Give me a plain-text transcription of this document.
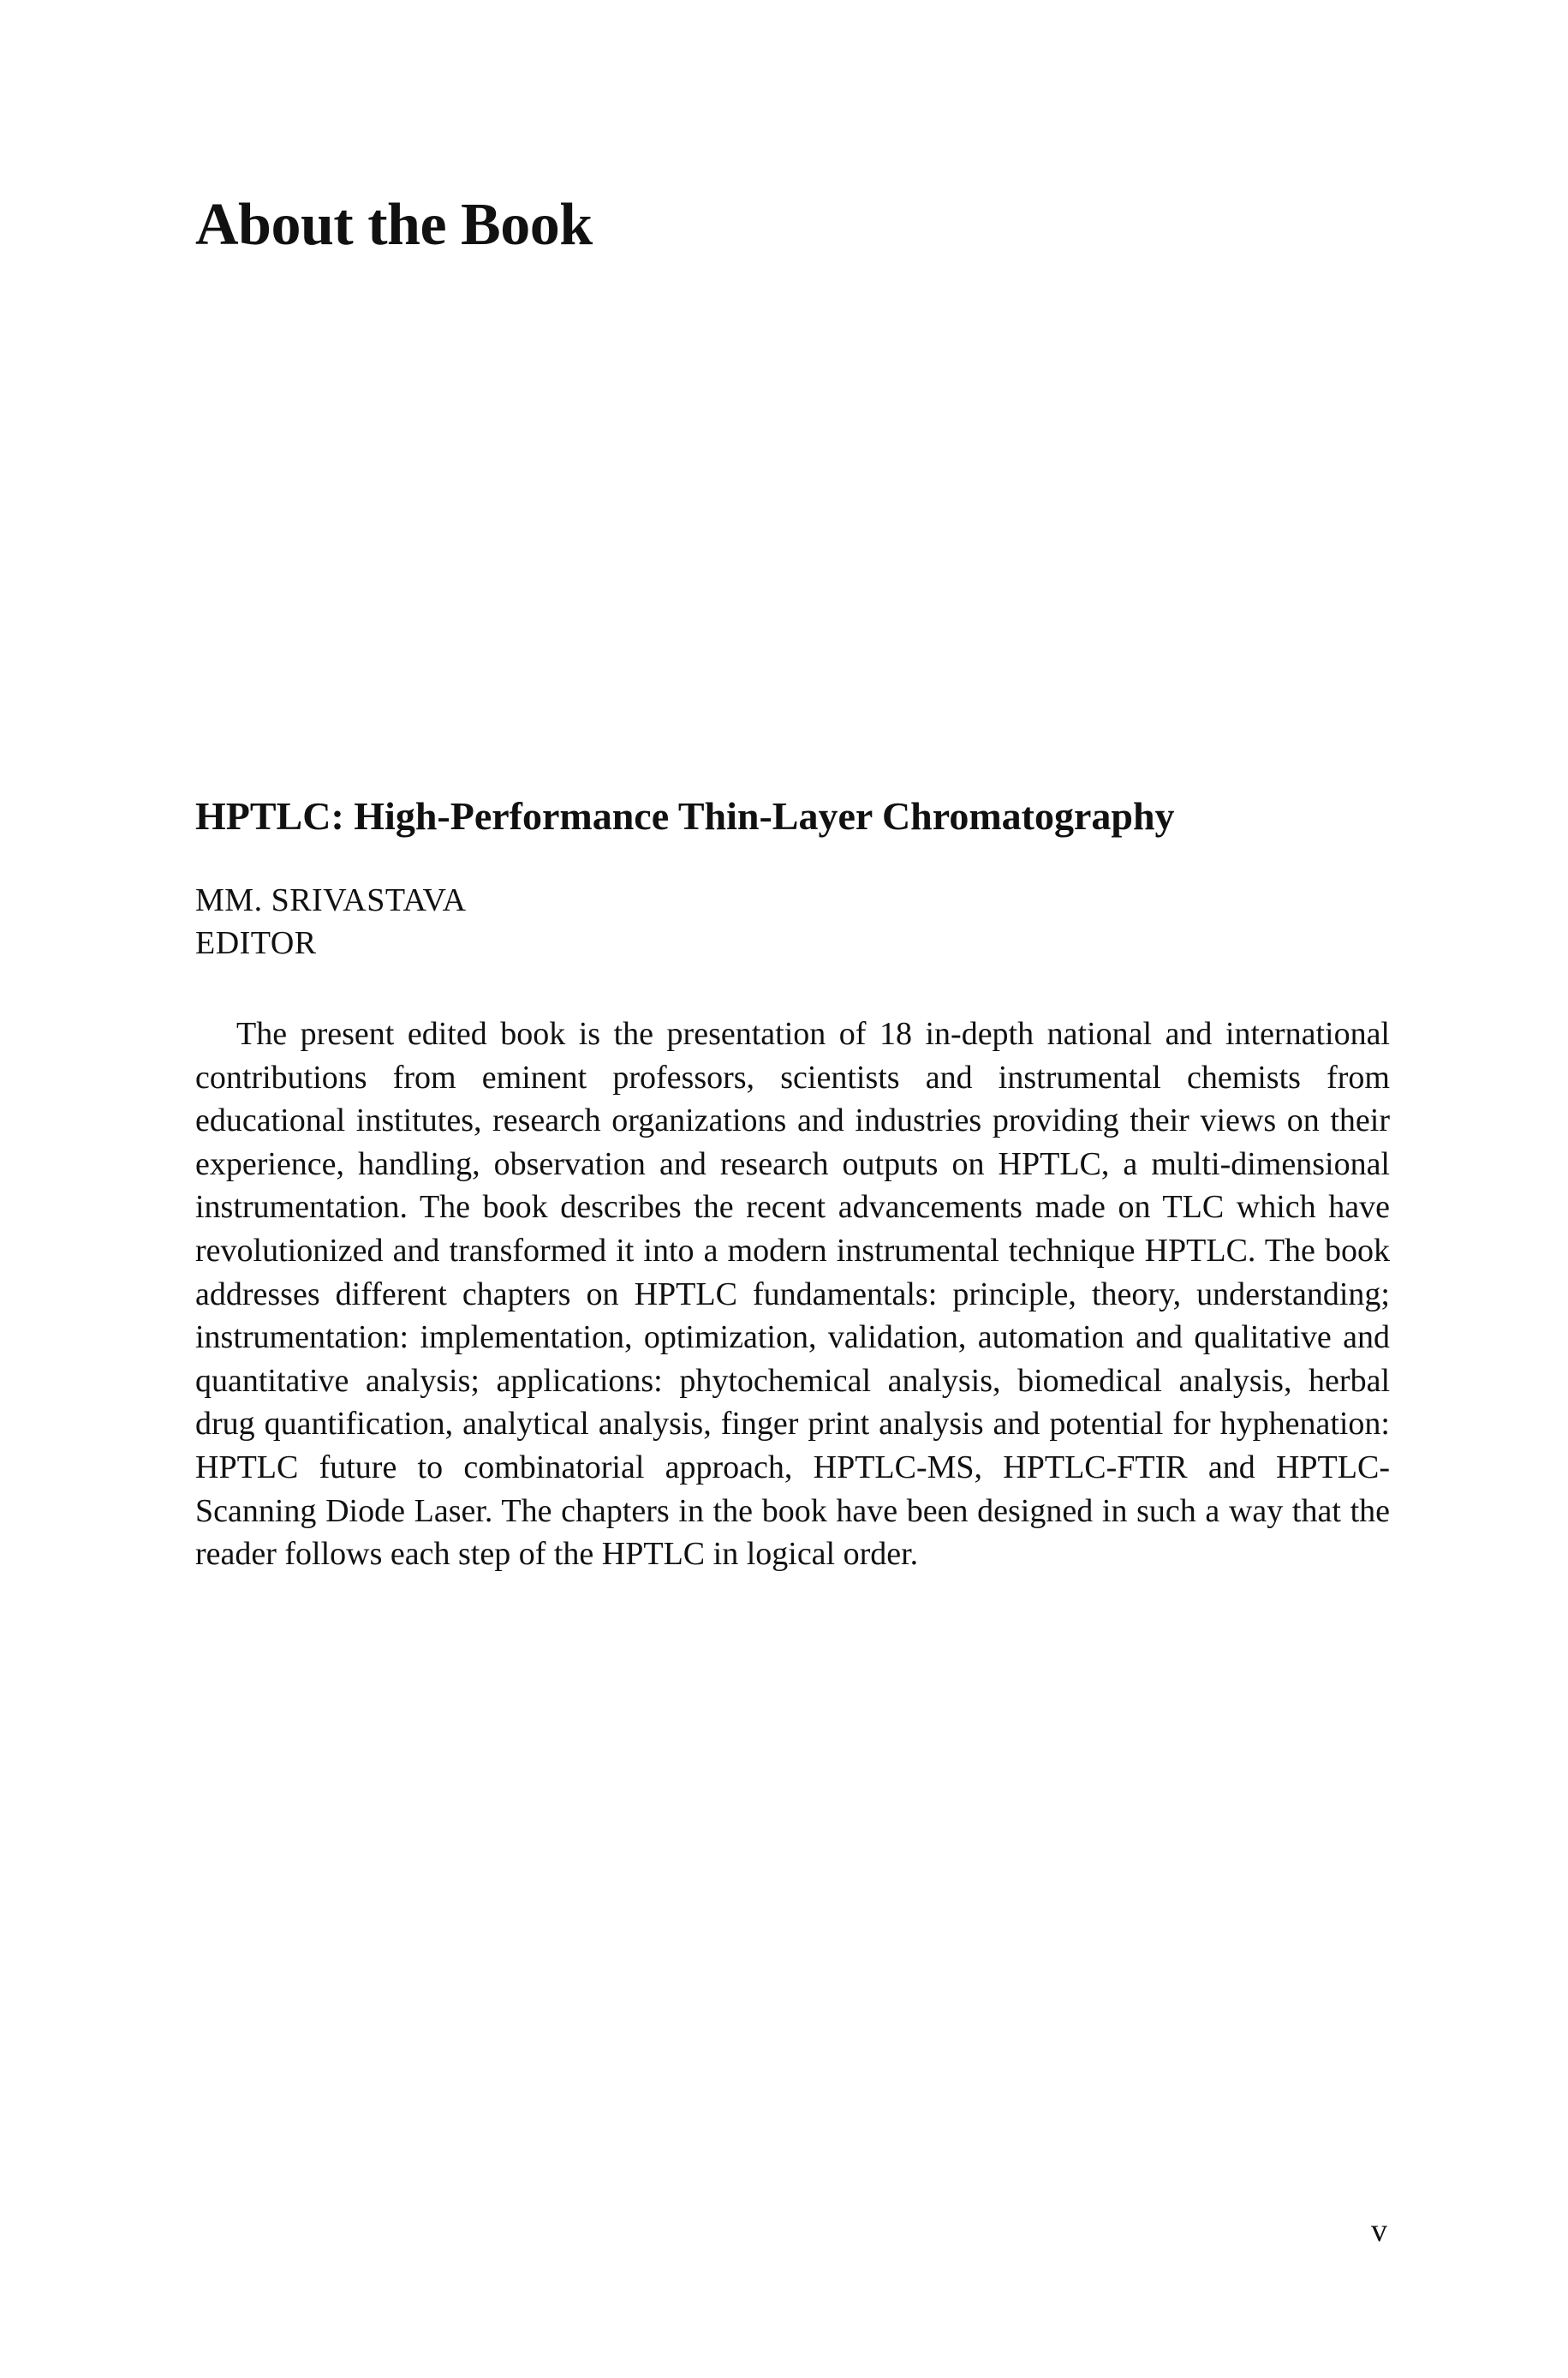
About the Book
HPTLC: High-Performance Thin-Layer Chromatography
MM. SRIVASTAVA
EDITOR

The present edited book is the presentation of 18 in-depth national and international contributions from eminent professors, scientists and instrumental chemists from educational institutes, research organizations and industries providing their views on their experience, handling, observation and research outputs on HPTLC, a multi-dimensional instrumentation. The book describes the recent advancements made on TLC which have revolutionized and transformed it into a modern instrumental technique HPTLC. The book addresses different chapters on HPTLC fundamentals: principle, theory, understanding; instrumentation: implementation, optimization, validation, automation and qualitative and quantitative analysis; applications: phytochemical analysis, biomedical analysis, herbal drug quantification, analytical analysis, finger print analysis and potential for hyphenation: HPTLC future to combinatorial approach, HPTLC-MS, HPTLC-FTIR and HPTLC-Scanning Diode Laser. The chapters in the book have been designed in such a way that the reader follows each step of the HPTLC in logical order.

v
